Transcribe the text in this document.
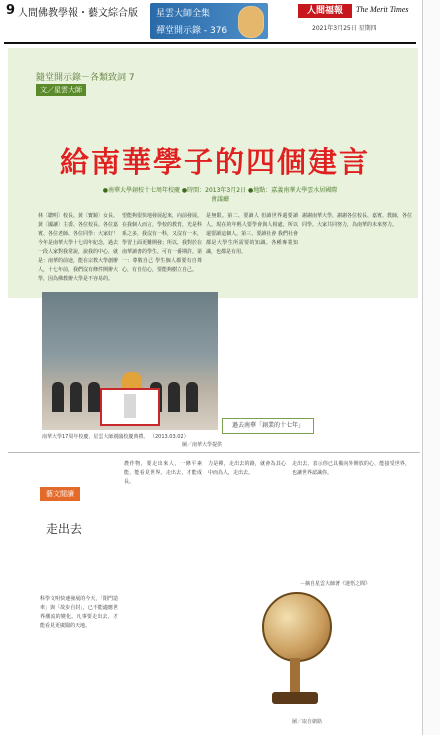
9 人間佛教學報・藝文綜合版 星雲大師全集
禪堂開示錄 - 376
人間福報	The Merit Times
2021年3月25日 星期四
隨堂開示錄－各類致詞 7
文／星雲大師
給南華學子的四個建言
●南華大學創校十七周年校慶 ●時間：2013年3月2日 ●地點：嘉義南華大學雲水居國際會議廳
林〔聰明〕校長、黃〔寶鏡〕女長、黃〔國讓〕主委、各位校長、各位嘉賓、各位老師、各位同學：大家好！今年是南華大學十七周年紀念，過去一段人家對我常說，說我的中心，就是：南華的前途，能在宗教大學創辦人，十七年前，我們沒有條件開辦大學，因為佛教辦大學是不容易的。
望能夠很快地發展起來，向前發展。在我個人而言，學校的教育，光是科系之多，我沒有一科，又沒有一本，學習上面更難開發；所以，我對於在南華讀書的學生，可有一番期許。第一：尊敬自己 學生個人都要有自尊心，有自信心，要能夠樹立自己。
是無限。第二、要讀人 但讀世界還要讀人。現在的年輕人要學會與人相處，所以還要讀這個人。第三、要讀社會 我們社會都是大學生所需要的知識。各種專業知識，也都是有用。
謝謝南華大學，謝謝各位校長、嘉賓、教師，各位同學。大家共同努力，為南華的未來努力。
南華大學17周年校慶，星雲大師親臨校慶典禮。 （2013.03.02）
圖／南華大學提供
過去南華「創業的十七年」
藝文閒讀
走出去
科學文明快速發展的今天，「閉門造車」與「故步自封」，已不能適應世界潮流的變化。凡事要走出去，才能看見更廣闊的天地。
農作物，要走出來人，一條平素能，能看見世界。走出去，才能成長。
力是禪，走出去的路，就會為其心中而為人，走出去。
走出去，表示你已具備向外開放的心，能接受世界，也讓世界認識你。
－摘自星雲大師著《迷悟之間》
圖／取自網路
